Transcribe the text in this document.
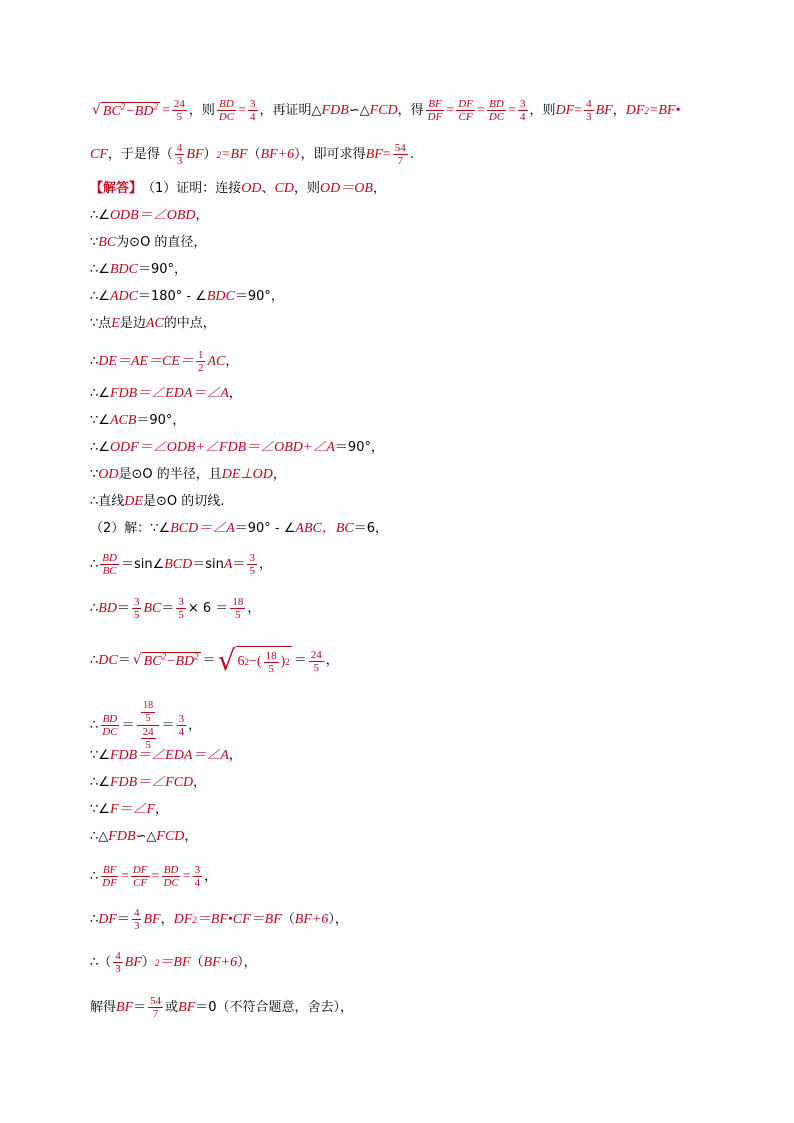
√ $BC^2-BD^2 = \frac{24}{5}$ ，则 $\frac{BD}{DC} = \frac{3}{4}$ ，再证明△ FDB ∽△ FCD ，得 $\frac{BF}{DF} = \frac{DF}{CF} = \frac{BD}{DC} = \frac{3}{4}$ ，则 DF = $\frac{4}{3}$ BF ， DF 2 =BF•
CF ，于是得（ $\frac{4}{3}$ BF ） 2 =BF （ BF+6 ），即可求得 BF = $\frac{54}{7}$ .
【解答】 （1）证明：连接 OD 、 CD ，则 OD＝OB ，
∴∠ ODB＝∠OBD ，
∵ BC 为⊙O 的直径，
∴∠ BDC ＝90°，
∴∠ ADC ＝180° - ∠ BDC ＝90°，
∵点 E 是边 AC 的中点，
∴ $DE=AE=CE= \frac{1}{2}$ AC ，
∴∠ FDB＝∠EDA＝∠A ，
∵∠ ACB ＝90°，
∴∠ ODF＝∠ODB+∠FDB＝∠OBD+∠A ＝90°，
∵ OD 是⊙O 的半径，且 DE⊥OD ，
∴直线 DE 是⊙O 的切线.
（2）解：∵∠ BCD＝∠A ＝90° - ∠ ABC，BC ＝6，
∴ $\frac{BD}{BC}$ ＝sin∠ BCD ＝sin $A = \frac{3}{5}$ ，
∴ BD ＝ $\frac{3}{5}$ BC ＝ $\frac{3}{5} \times 6 = \frac{18}{5}$ ，
∴ DC ＝ √ $BC^2-BD^2$ ＝ √ 6 2 −( $\frac{18}{5}$ ) $2 = \frac{24}{5}$ ，
∴ $\frac{BD}{DC} = \frac{\frac{18}{5}}{\frac{24}{5}} = \frac{3}{4}$ ，
∵∠ FDB＝∠EDA＝∠A ，
∴∠ FDB＝∠FCD ，
∵∠ F＝∠F ，
∴△ FDB ∽△ FCD ，
∴ $\frac{BF}{DF} = \frac{DF}{CF} = \frac{BD}{DC} = \frac{3}{4}$ ，
∴ DF ＝ $\frac{4}{3}$ BF ， DF 2 ＝BF•CF＝BF （ BF+6 ），
∴（ $\frac{4}{3}$ BF ） 2 ＝BF （ BF+6 ），
解得 BF ＝ $\frac{54}{7}$ 或 BF ＝0（不符合题意，舍去），
